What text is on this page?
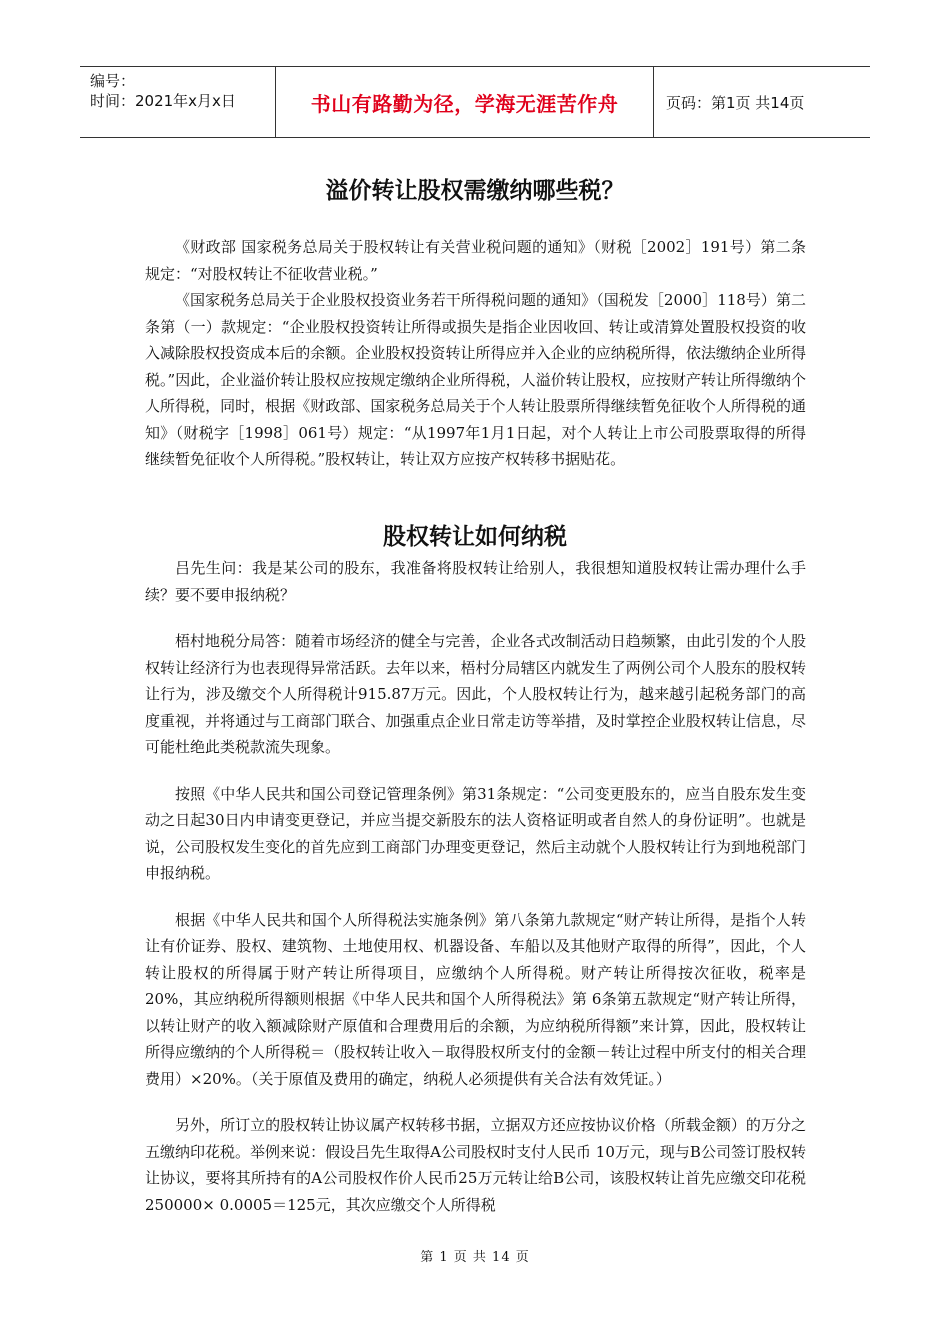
编号：
时间：2021年x月x日	书山有路勤为径，学海无涯苦作舟	页码：第1页 共14页
溢价转让股权需缴纳哪些税？

《财政部 国家税务总局关于股权转让有关营业税问题的通知》（财税［2002］191号）第二条规定：“对股权转让不征收营业税。”

《国家税务总局关于企业股权投资业务若干所得税问题的通知》（国税发［2000］118号）第二条第（一）款规定：“企业股权投资转让所得或损失是指企业因收回、转让或清算处置股权投资的收入减除股权投资成本后的余额。企业股权投资转让所得应并入企业的应纳税所得，依法缴纳企业所得税。”因此，企业溢价转让股权应按规定缴纳企业所得税，人溢价转让股权，应按财产转让所得缴纳个人所得税，同时，根据《财政部、国家税务总局关于个人转让股票所得继续暂免征收个人所得税的通知》（财税字［1998］061号）规定：“从1997年1月1日起，对个人转让上市公司股票取得的所得继续暂免征收个人所得税。”股权转让，转让双方应按产权转移书据贴花。

股权转让如何纳税

吕先生问：我是某公司的股东，我准备将股权转让给别人，我很想知道股权转让需办理什么手续？要不要申报纳税？

梧村地税分局答：随着市场经济的健全与完善，企业各式改制活动日趋频繁，由此引发的个人股权转让经济行为也表现得异常活跃。去年以来，梧村分局辖区内就发生了两例公司个人股东的股权转让行为，涉及缴交个人所得税计915.87万元。因此，个人股权转让行为，越来越引起税务部门的高度重视，并将通过与工商部门联合、加强重点企业日常走访等举措，及时掌控企业股权转让信息，尽可能杜绝此类税款流失现象。

按照《中华人民共和国公司登记管理条例》第31条规定：“公司变更股东的，应当自股东发生变动之日起30日内申请变更登记，并应当提交新股东的法人资格证明或者自然人的身份证明”。也就是说，公司股权发生变化的首先应到工商部门办理变更登记，然后主动就个人股权转让行为到地税部门申报纳税。

根据《中华人民共和国个人所得税法实施条例》第八条第九款规定“财产转让所得，是指个人转让有价证券、股权、建筑物、土地使用权、机器设备、车船以及其他财产取得的所得”，因此，个人转让股权的所得属于财产转让所得项目，应缴纳个人所得税。财产转让所得按次征收，税率是20%，其应纳税所得额则根据《中华人民共和国个人所得税法》第 6条第五款规定“财产转让所得，以转让财产的收入额减除财产原值和合理费用后的余额，为应纳税所得额”来计算，因此，股权转让所得应缴纳的个人所得税＝（股权转让收入－取得股权所支付的金额－转让过程中所支付的相关合理费用）×20%。（关于原值及费用的确定，纳税人必须提供有关合法有效凭证。）

另外，所订立的股权转让协议属产权转移书据，立据双方还应按协议价格（所载金额）的万分之五缴纳印花税。举例来说：假设吕先生取得A公司股权时支付人民币 10万元，现与B公司签订股权转让协议，要将其所持有的A公司股权作价人民币25万元转让给B公司，该股权转让首先应缴交印花税250000× 0.0005＝125元，其次应缴交个人所得税

第 1 页 共 14 页
